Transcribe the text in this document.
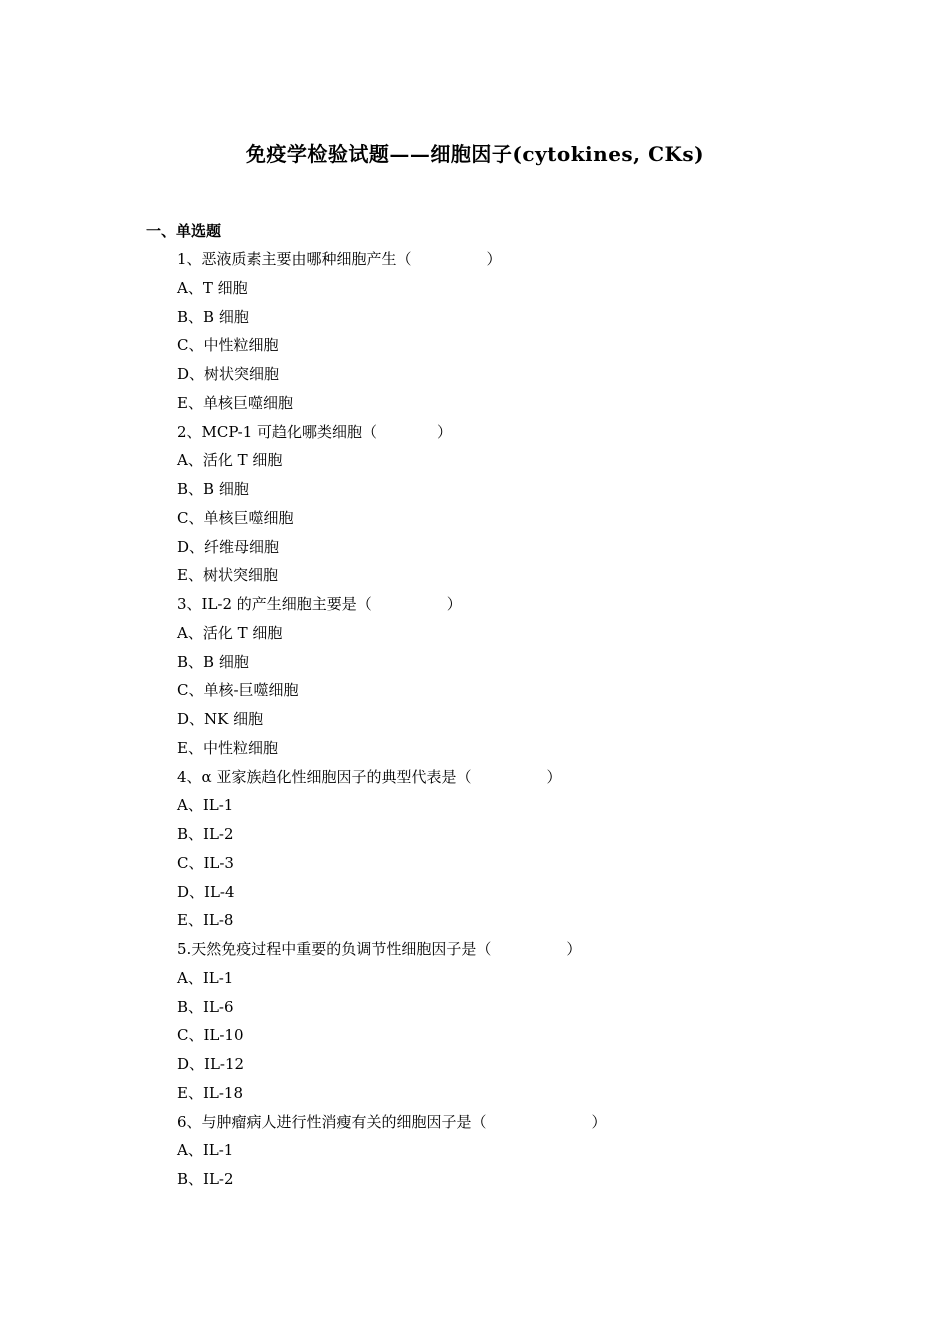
免疫学检验试题——细胞因子(cytokines, CKs)
一、单选题
1、恶液质素主要由哪种细胞产生（　　　　　）
A、T 细胞
B、B 细胞
C、中性粒细胞
D、树状突细胞
E、单核巨噬细胞
2、MCP-1 可趋化哪类细胞（　　　　）
A、活化 T 细胞
B、B 细胞
C、单核巨噬细胞
D、纤维母细胞
E、树状突细胞
3、IL-2 的产生细胞主要是（　　　　　）
A、活化 T 细胞
B、B 细胞
C、单核-巨噬细胞
D、NK 细胞
E、中性粒细胞
4、α 亚家族趋化性细胞因子的典型代表是（　　　　　）
A、IL-1
B、IL-2
C、IL-3
D、IL-4
E、IL-8
5.天然免疫过程中重要的负调节性细胞因子是（　　　　　）
A、IL-1
B、IL-6
C、IL-10
D、IL-12
E、IL-18
6、与肿瘤病人进行性消瘦有关的细胞因子是（　　　　　　　）
A、IL-1
B、IL-2
